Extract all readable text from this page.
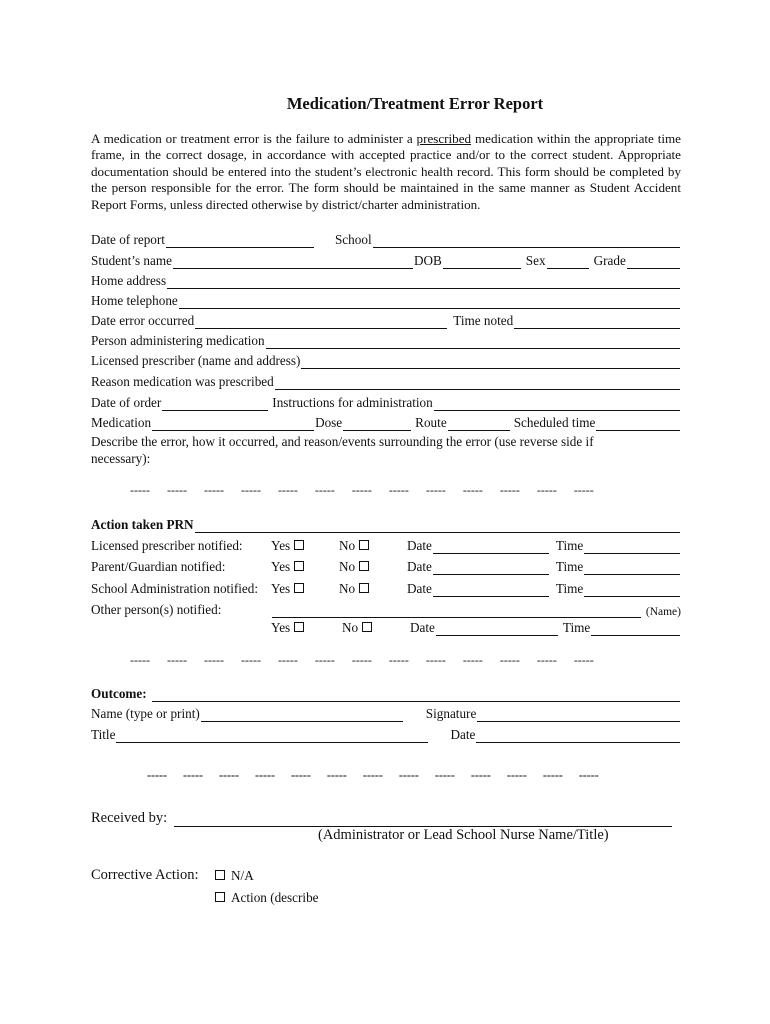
Medication/Treatment Error Report
A medication or treatment error is the failure to administer a prescribed medication within the appropriate time frame, in the correct dosage, in accordance with accepted practice and/or to the correct student. Appropriate documentation should be entered into the student’s electronic health record. This form should be completed by the person responsible for the error. The form should be maintained in the same manner as Student Accident Report Forms, unless directed otherwise by district/charter administration.
Date of report	School
Student’s name	DOB	Sex	Grade
Home address
Home telephone
Date error occurred	Time noted
Person administering medication
Licensed prescriber (name and address)
Reason medication was prescribed
Date of order	Instructions for administration
Medication	Dose	Route	Scheduled time
Describe the error, how it occurred, and reason/events surrounding the error (use reverse side if
necessary):
----- ----- ----- ----- ----- ----- ----- ----- ----- ----- ----- ----- -----
Action taken PRN
Licensed prescriber notified:	Yes	No	Date	Time
Parent/Guardian notified:	Yes	No	Date	Time
School Administration notified: Yes	No	Date	Time
Other person(s) notified:	(Name)
Yes	No	Date	Time
----- ----- ----- ----- ----- ----- ----- ----- ----- ----- ----- ----- -----
Outcome:
Name (type or print)	Signature
Title	Date
----- ----- ----- ----- ----- ----- ----- ----- ----- ----- ----- ----- -----
Received by:
(Administrator or Lead School Nurse Name/Title)
Corrective Action:	N/A
Action (describe
